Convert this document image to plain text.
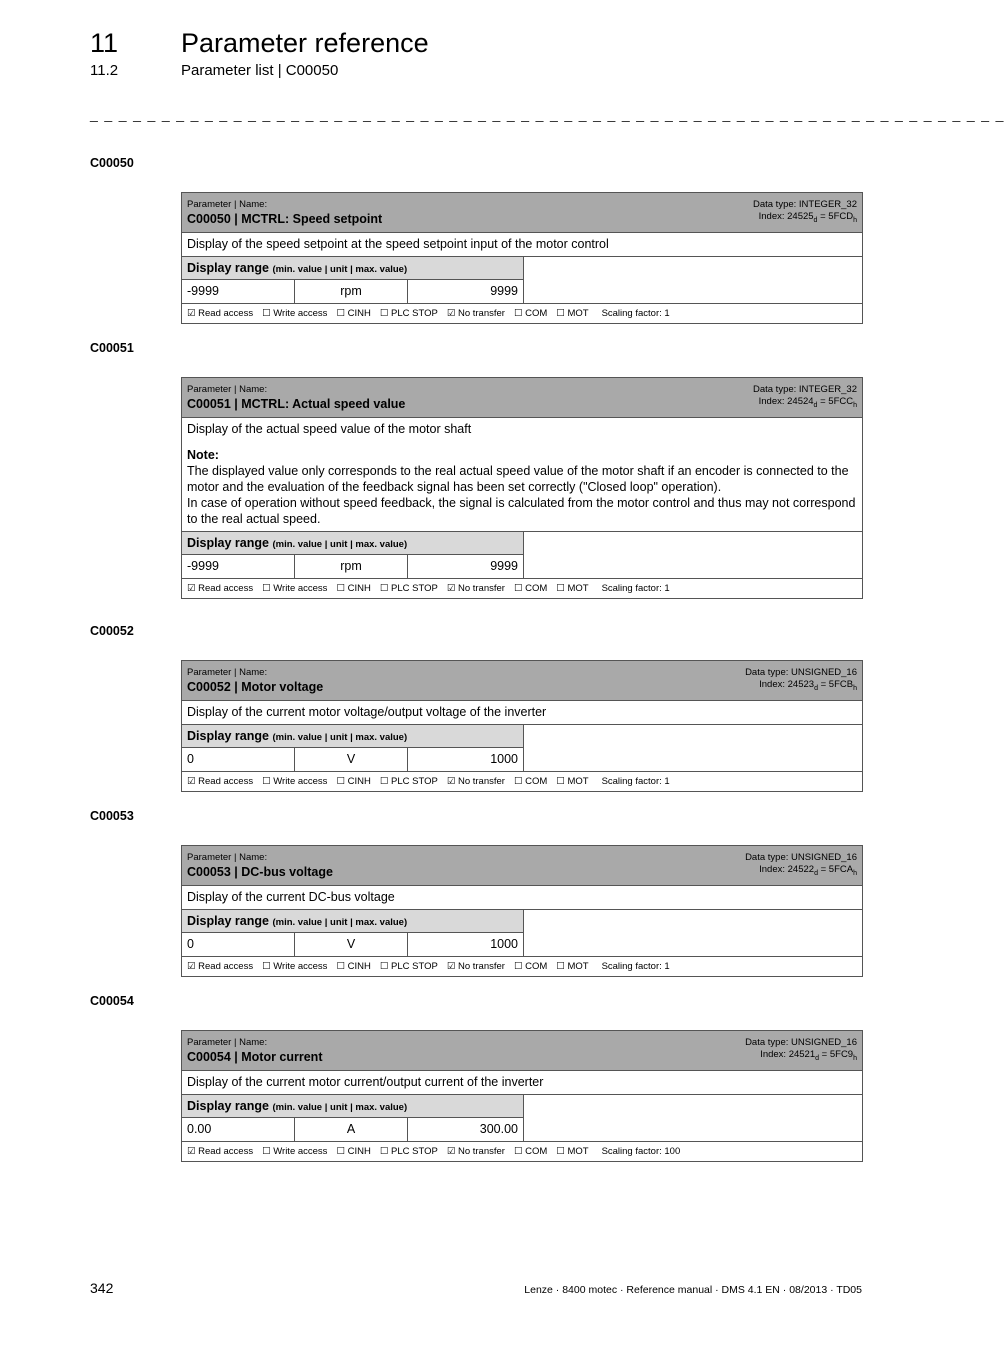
11 Parameter reference
11.2	Parameter list | C00050
_ _ _ _ _ _ _ _ _ _ _ _ _ _ _ _ _ _ _ _ _ _ _ _ _ _ _ _ _ _ _ _ _ _ _ _ _ _ _ _ _ _ _ _ _ _ _ _ _ _ _ _ _ _ _ _ _ _ _ _ _ _ _ _
C00050
Parameter | Name:
C00050 | MCTRL: Speed setpoint
Data type: INTEGER_32
Index: $24525_d = 5FCD_h$

Display of the speed setpoint at the speed setpoint input of the motor control

Display range (min. value | unit | max. value)
-9999	rpm	9999

☑ Read access ☐ Write access ☐ CINH ☐ PLC STOP ☑ No transfer ☐ COM ☐ MOT Scaling factor: 1
C00051
Parameter | Name:
C00051 | MCTRL: Actual speed value
Data type: INTEGER_32
Index: $24524_d = 5FCC_h$

Display of the actual speed value of the motor shaft
Note:
The displayed value only corresponds to the real actual speed value of the motor shaft if an encoder is connected to the motor and the evaluation of the feedback signal has been set correctly ("Closed loop" operation).
In case of operation without speed feedback, the signal is calculated from the motor control and thus may not correspond to the real actual speed.

Display range (min. value | unit | max. value)
-9999	rpm	9999

☑ Read access ☐ Write access ☐ CINH ☐ PLC STOP ☑ No transfer ☐ COM ☐ MOT Scaling factor: 1
C00052
Parameter | Name:
C00052 | Motor voltage
Data type: UNSIGNED_16
Index: $24523_d = 5FCB_h$

Display of the current motor voltage/output voltage of the inverter

Display range (min. value | unit | max. value)
0	V	1000

☑ Read access ☐ Write access ☐ CINH ☐ PLC STOP ☑ No transfer ☐ COM ☐ MOT Scaling factor: 1
C00053
Parameter | Name:
C00053 | DC-bus voltage
Data type: UNSIGNED_16
Index: $24522_d = 5FCA_h$

Display of the current DC-bus voltage

Display range (min. value | unit | max. value)
0	V	1000

☑ Read access ☐ Write access ☐ CINH ☐ PLC STOP ☑ No transfer ☐ COM ☐ MOT Scaling factor: 1
C00054
Parameter | Name:
C00054 | Motor current
Data type: UNSIGNED_16
Index: $24521_d = 5FC9_h$

Display of the current motor current/output current of the inverter

Display range (min. value | unit | max. value)
0.00	A	300.00

☑ Read access ☐ Write access ☐ CINH ☐ PLC STOP ☑ No transfer ☐ COM ☐ MOT Scaling factor: 100
342	Lenze · 8400 motec · Reference manual · DMS 4.1 EN · 08/2013 · TD05
